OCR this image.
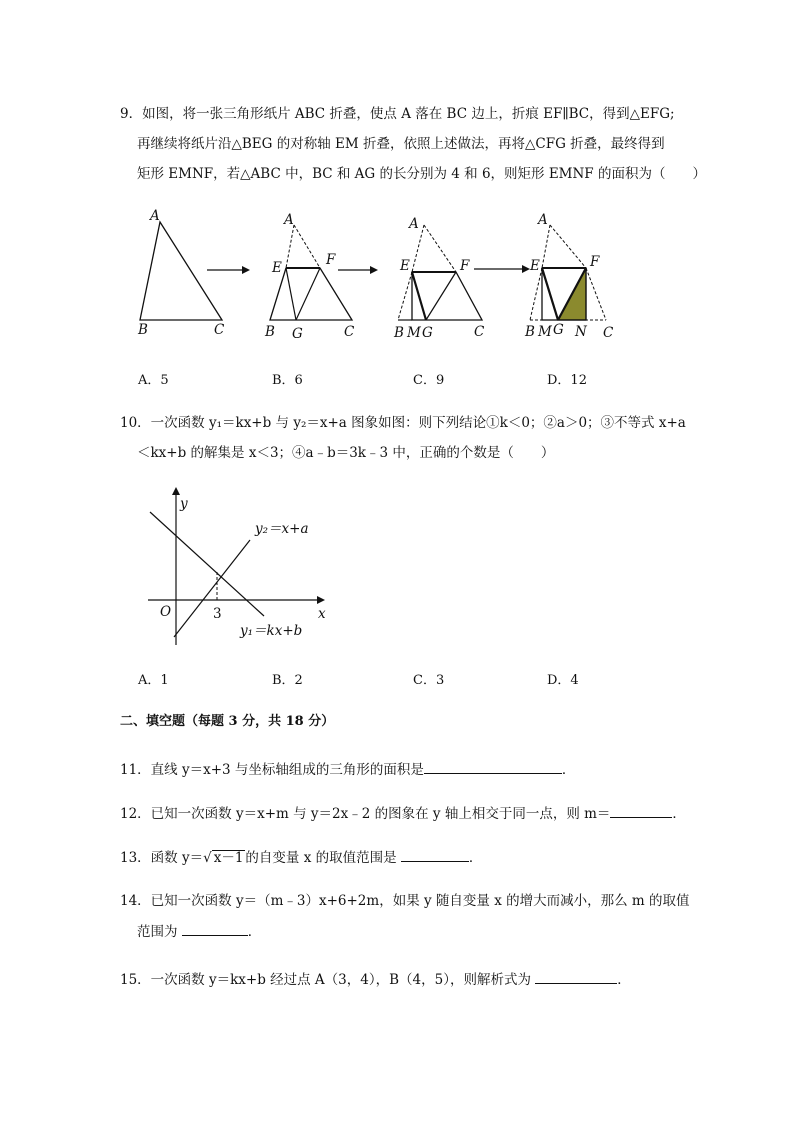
9．如图，将一张三角形纸片 ABC 折叠，使点 A 落在 BC 边上，折痕 EF∥BC，得到△EFG;
再继续将纸片沿△BEG 的对称轴 EM 折叠，依照上述做法，再将△CFG 折叠，最终得到
矩形 EMNF，若△ABC 中，BC 和 AG 的长分别为 4 和 6，则矩形 EMNF 的面积为（　　）
A
B	C
A
E	F
B G	C
A
E	F
B M G	C
A
E	F
B M G N C
A．5	B．6	C．9	D．12
10．一次函数 y₁＝kx+b 与 y₂＝x+a 图象如图：则下列结论①k＜0；②a＞0；③不等式 x+a
＜kx+b 的解集是 x＜3；④a﹣b＝3k﹣3 中，正确的个数是（　　）
y
x
O	3
y₂＝x+a
y₁＝kx+b
A．1	B．2	C．3	D．4
二、填空题（每题 3 分，共 18 分）
11．直线 y＝x+3 与坐标轴组成的三角形的面积是	．
12．已知一次函数 y＝x+m 与 y＝2x﹣2 的图象在 y 轴上相交于同一点，则 m＝	．
13．函数 y＝√ x－1 的自变量 x 的取值范围是	．
14．已知一次函数 y＝（m﹣3）x+6+2m，如果 y 随自变量 x 的增大而减小，那么 m 的取值
范围为	．
15．一次函数 y＝kx+b 经过点 A（3，4），B（4，5），则解析式为	．
